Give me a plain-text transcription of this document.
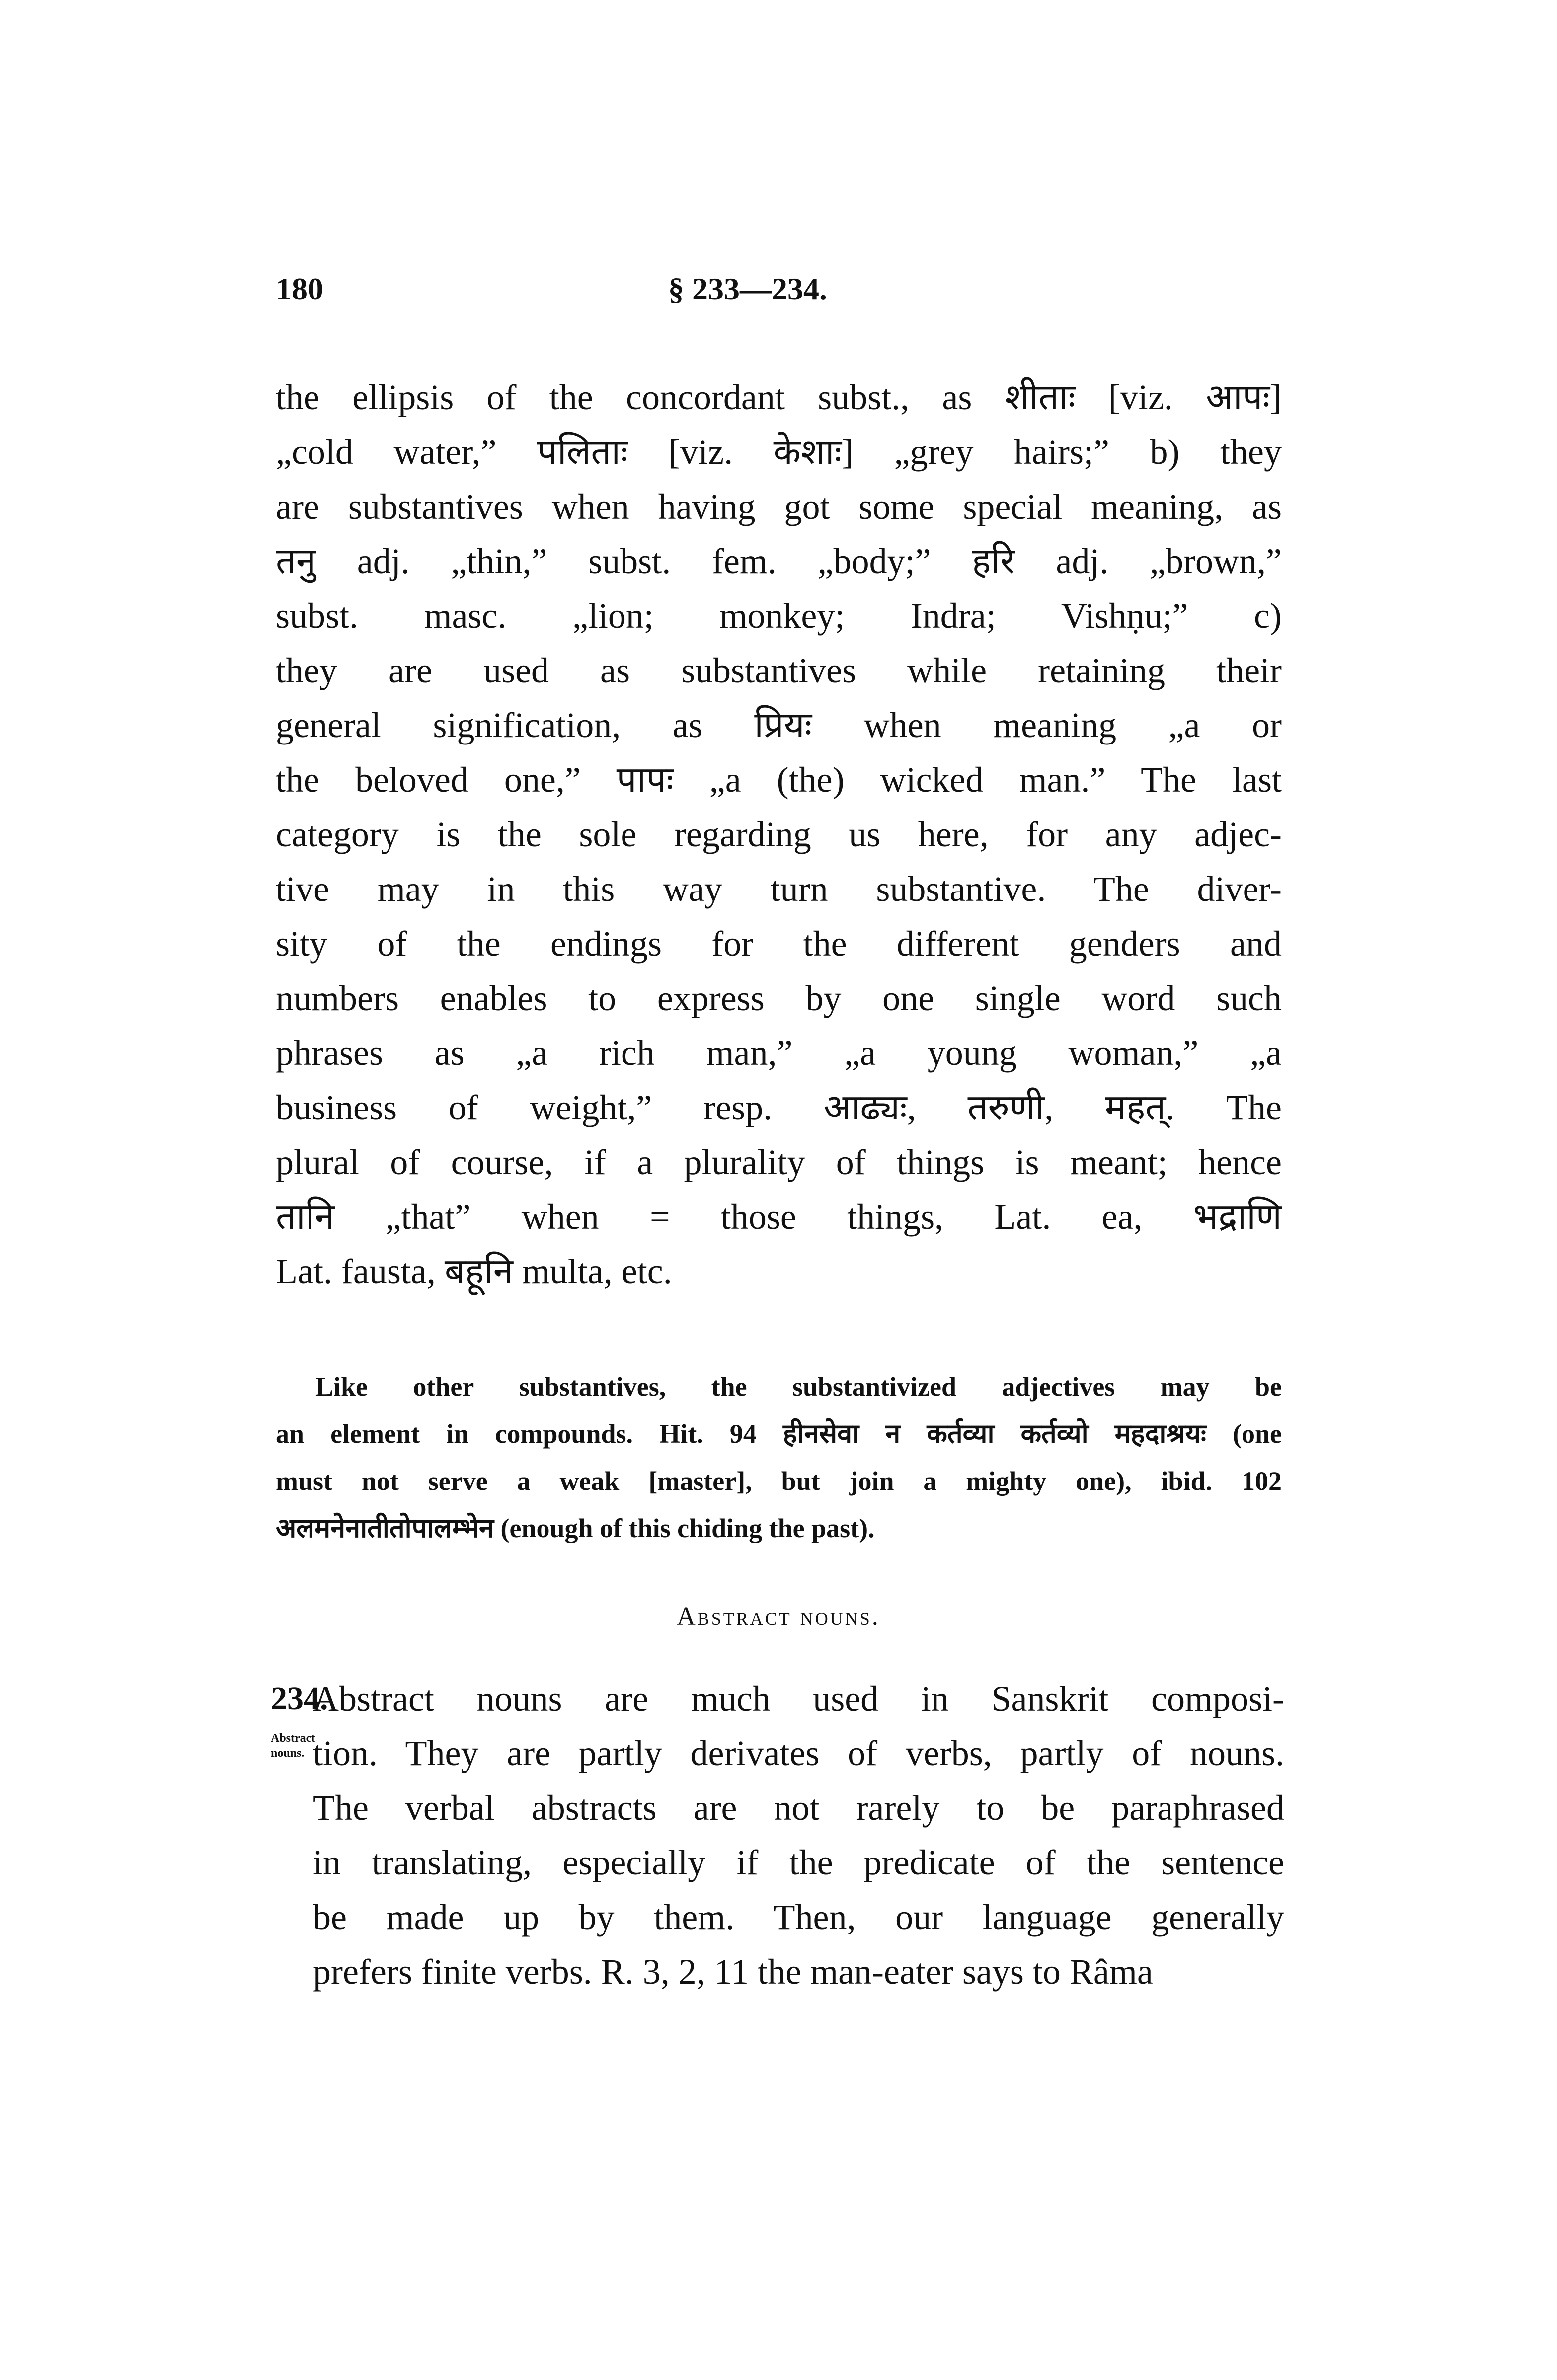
180	§ 233—234.
the ellipsis of the concordant subst., as शीताः [viz. आपः]
„cold water,” पलिताः [viz. केशाः] „grey hairs;” b) they
are substantives when having got some special meaning, as
तनु adj. „thin,” subst. fem. „body;” हरि adj. „brown,”
subst. masc. „lion; monkey; Indra; Vishṇu;” c)
they are used as substantives while retaining their
general signification, as प्रियः when meaning „a or
the beloved one,” पापः „a (the) wicked man.” The last
category is the sole regarding us here, for any adjec-
tive may in this way turn substantive. The diver-
sity of the endings for the different genders and
numbers enables to express by one single word such
phrases as „a rich man,” „a young woman,” „a
business of weight,” resp. आढ्यः, तरुणी, महत्. The
plural of course, if a plurality of things is meant; hence
तानि „that” when = those things, Lat. ea, भद्राणि
Lat. fausta, बहूनि multa, etc.
Like other substantives, the substantivized adjectives may be
an element in compounds. Hit. 94 हीनसेवा न कर्तव्या कर्तव्यो महदाश्रयः (one
must not serve a weak [master], but join a mighty one), ibid. 102
अलमनेनातीतोपालम्भेन (enough of this chiding the past).
Abstract nouns.
234.
Abstract
nouns.
Abstract nouns are much used in Sanskrit composi-
tion. They are partly derivates of verbs, partly of nouns.
The verbal abstracts are not rarely to be paraphrased
in translating, especially if the predicate of the sentence
be made up by them. Then, our language generally
prefers finite verbs. R. 3, 2, 11 the man-eater says to Râma
